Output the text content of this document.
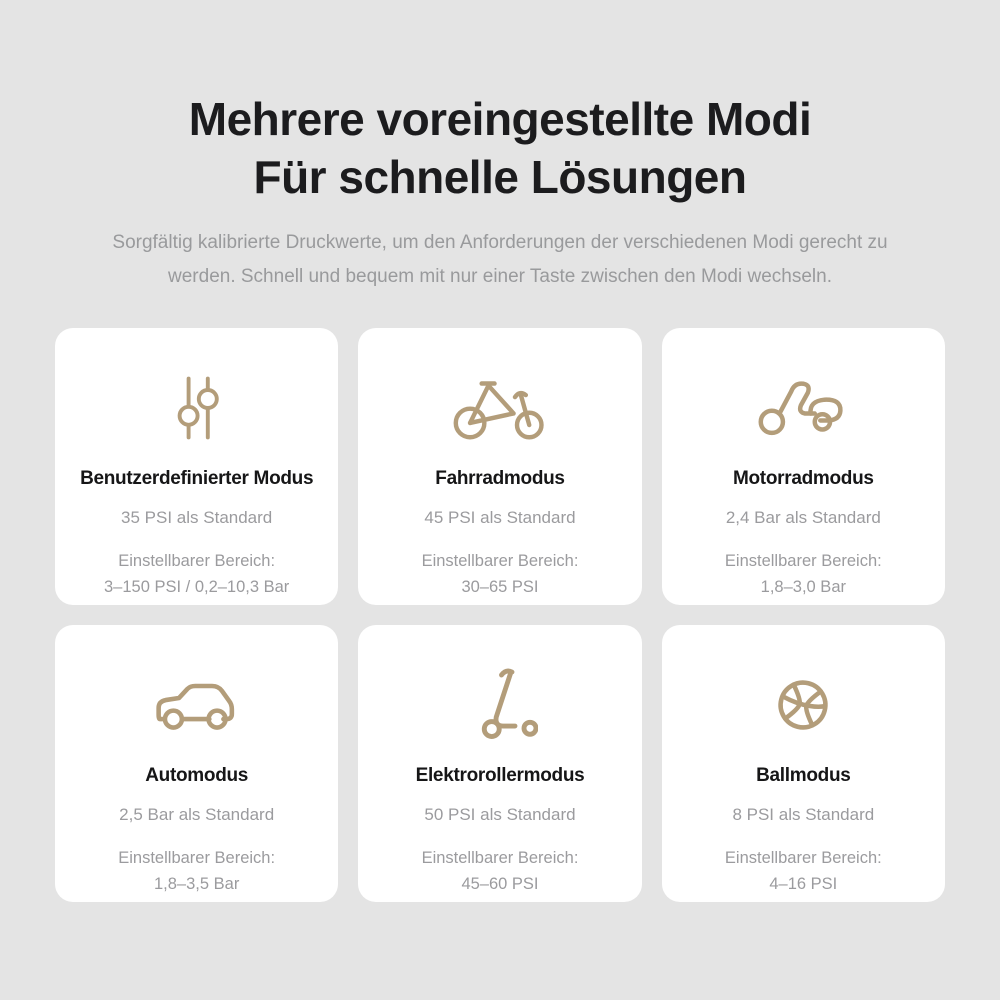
Mehrere voreingestellte Modi
Für schnelle Lösungen

Sorgfältig kalibrierte Druckwerte, um den Anforderungen der verschiedenen Modi gerecht zu
werden. Schnell und bequem mit nur einer Taste zwischen den Modi wechseln.

Benutzerdefinierter Modus

35 PSI als Standard

Einstellbarer Bereich:
3–150 PSI / 0,2–10,3 Bar

Fahrradmodus

45 PSI als Standard

Einstellbarer Bereich:
30–65 PSI

Motorradmodus

2,4 Bar als Standard

Einstellbarer Bereich:
1,8–3,0 Bar

Automodus

2,5 Bar als Standard

Einstellbarer Bereich:
1,8–3,5 Bar

Elektrorollermodus

50 PSI als Standard

Einstellbarer Bereich:
45–60 PSI

Ballmodus

8 PSI als Standard

Einstellbarer Bereich:
4–16 PSI
